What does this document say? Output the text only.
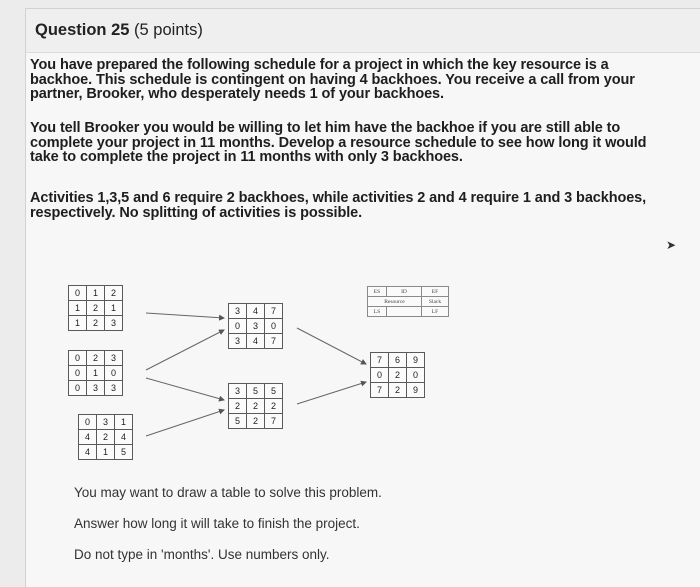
Question 25 (5 points)
You have prepared the following schedule for a project in which the key resource is a backhoe. This schedule is contingent on having 4 backhoes. You receive a call from your partner, Brooker, who desperately needs 1 of your backhoes.
You tell Brooker you would be willing to let him have the backhoe if you are still able to complete your project in 11 months. Develop a resource schedule to see how long it would take to complete the project in 11 months with only 3 backhoes.
Activities 1,3,5 and 6 require 2 backhoes, while activities 2 and 4 require 1 and 3 backhoes, respectively. No splitting of activities is possible.
➤
ES	ID	EF
Resource		Slack
LS		LF
0	1	2
1	2	1
1	2	3
0	2	3
0	1	0
0	3	3
0	3	1
4	2	4
4	1	5
3	4	7
0	3	0
3	4	7
3	5	5
2	2	2
5	2	7
7	6	9
0	2	0
7	2	9
You may want to draw a table to solve this problem.
Answer how long it will take to finish the project.
Do not type in 'months'. Use numbers only.
